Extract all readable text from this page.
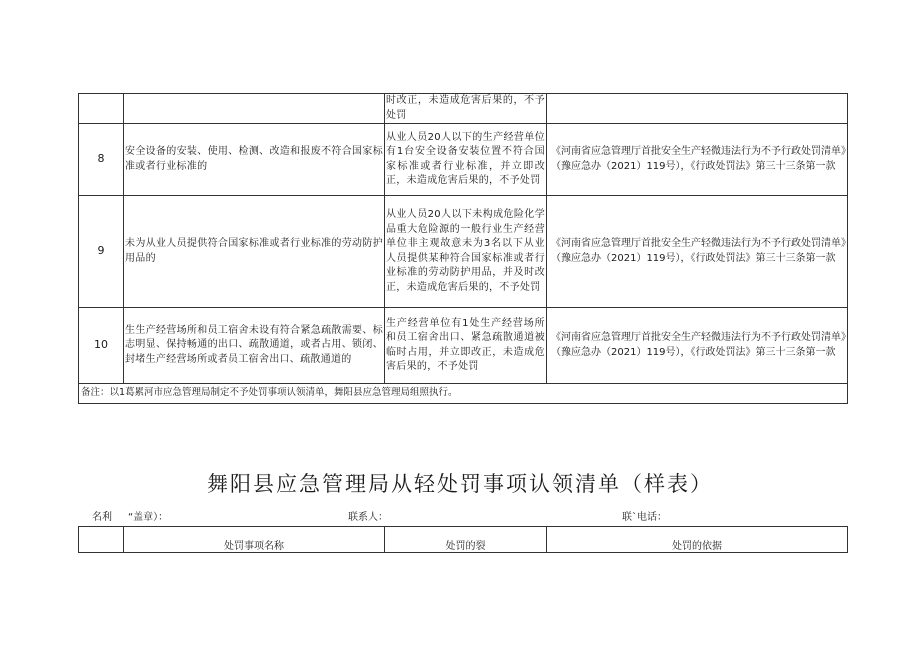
		时改正，未造成危害后果的，不予处罚	
8	安全设备的安装、使用、检测、改造和报废不符合国家标准或者行业标准的	从业人员20人以下的生产经营单位有1台安全设备安装位置不符合国家标准或者行业标准，并立即改正，未造成危害后果的，不予处罚	《河南省应急管理厅首批安全生产轻微违法行为不予行政处罚清单》（豫应急办（2021）119号），《行政处罚法》第三十三条第一款
9	未为从业人员提供符合国家标准或者行业标准的劳动防护用品的	从业人员20人以下未构成危险化学品重大危险源的一般行业生产经营单位非主观故意未为3名以下从业人员提供某种符合国家标准或者行业标准的劳动防护用品，并及时改正，未造成危害后果的，不予处罚	《河南省应急管理厅首批安全生产轻微违法行为不予行政处罚清单》（豫应急办（2021）119号），《行政处罚法》第三十三条第一款
10	生生产经营场所和员工宿舍未设有符合紧急疏散需要、标志明显、保持畅通的出口、疏散通道，或者占用、锁闭、封堵生产经营场所或者员工宿舍出口、疏散通道的	生产经营单位有1处生产经营场所和员工宿舍出口、紧急疏散通道被临时占用，并立即改正，未造成危害后果的，不予处罚	《河南省应急管理厅首批安全生产轻微违法行为不予行政处罚清单》（豫应急办（2021）119号），《行政处罚法》第三十三条第一款
备注：以1葛累河市应急管理局制定不予处罚事项认领清单，舞阳县应急管理局组照执行。			
舞阳县应急管理局从轻处罚事项认领清单（样表）
名利 “盖章）：	联系人：	联`电话：
	处罚事项名称	处罚的裂	处罚的依据
